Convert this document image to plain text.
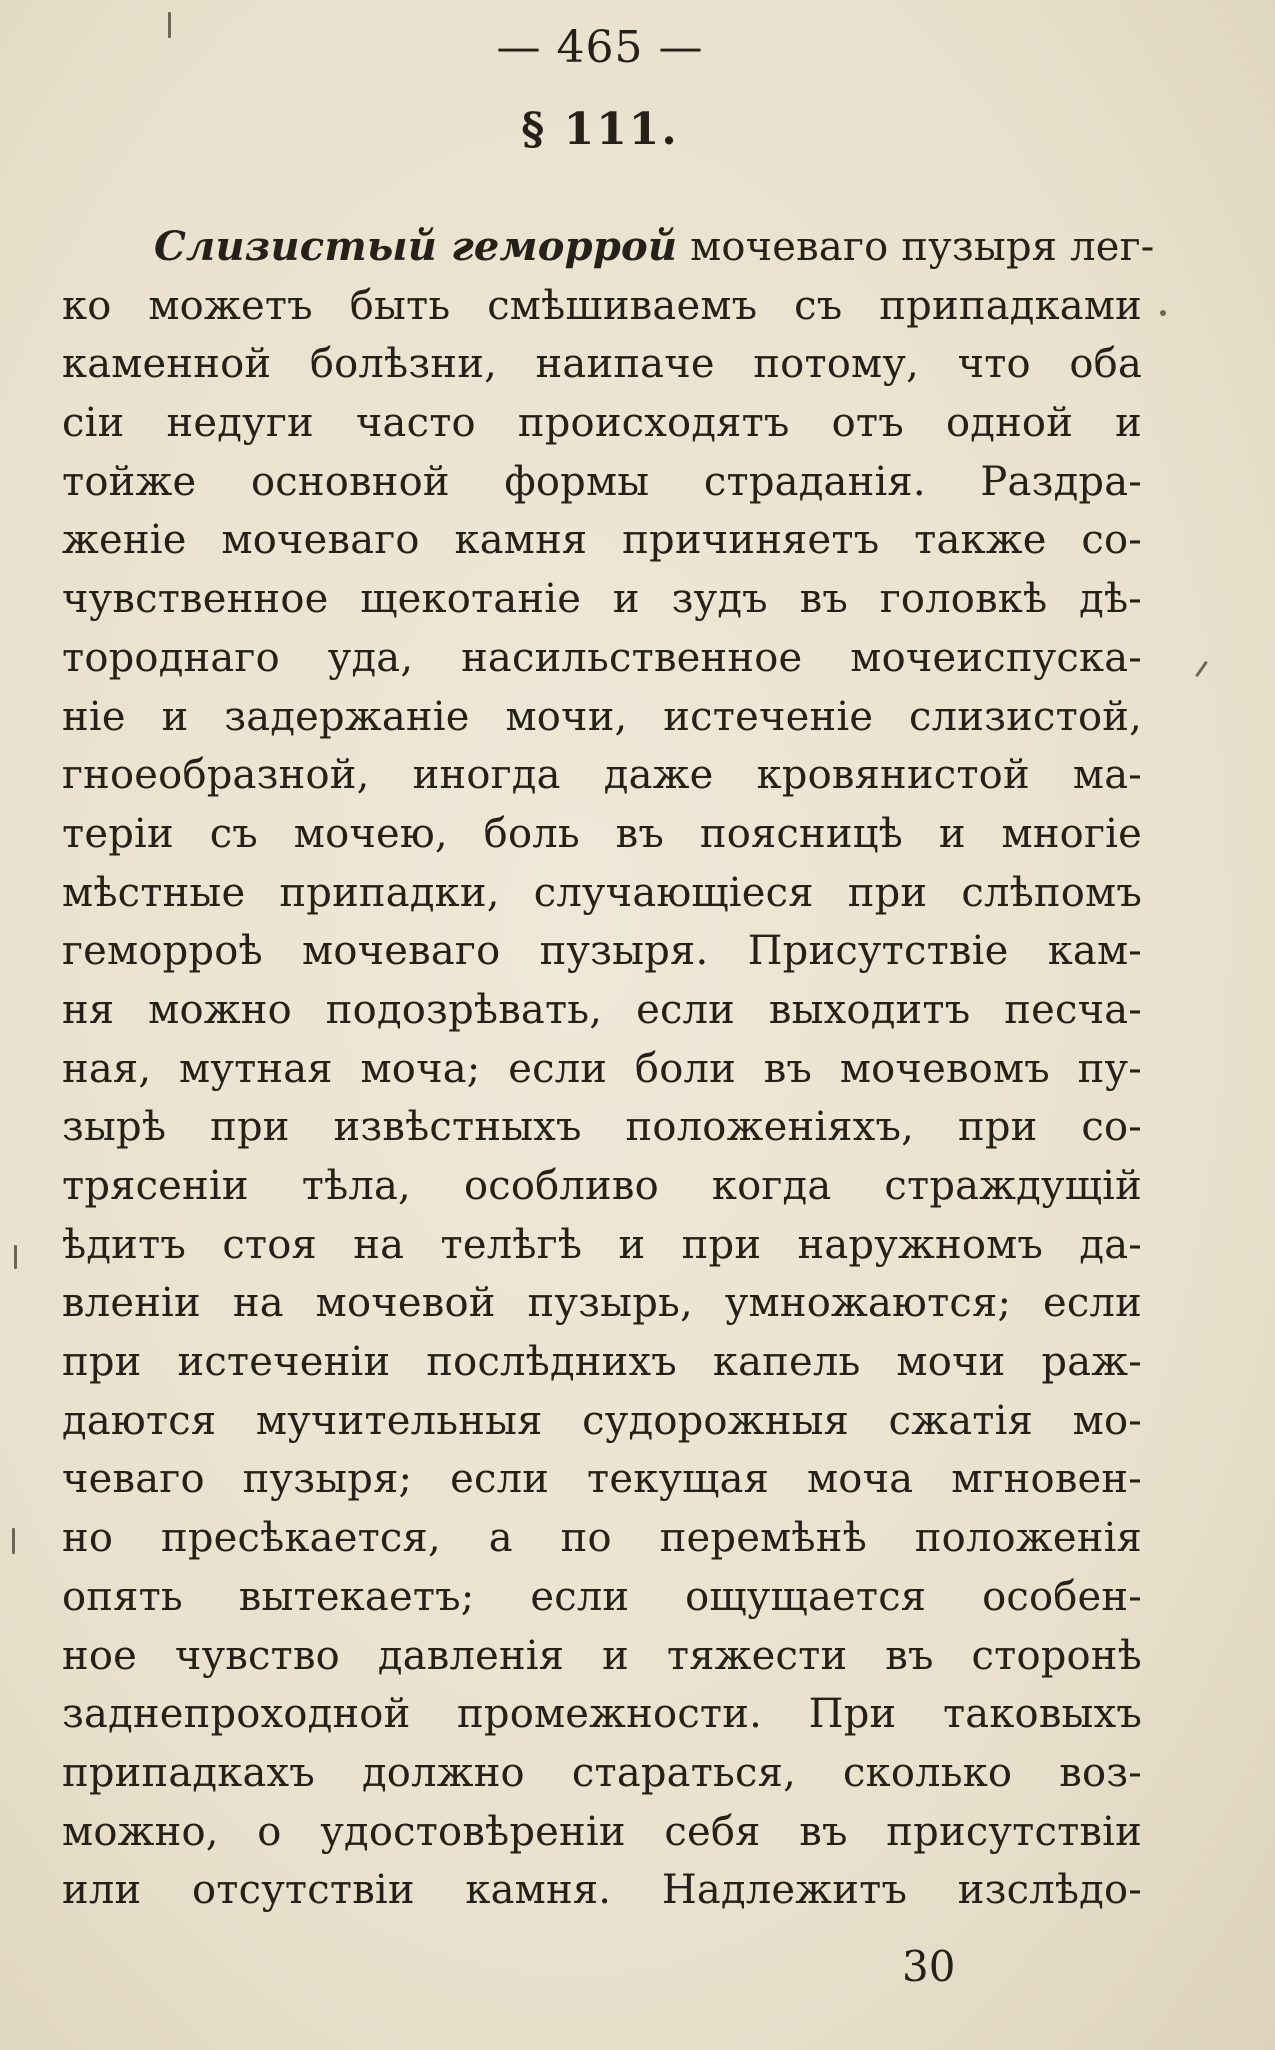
— 465 —
§ 111.
Слизистый геморрой мочеваго пузыря лег-
ко можетъ быть смѣшиваемъ съ припадками
каменной болѣзни, наипаче потому, что оба
сіи недуги часто происходятъ отъ одной и
тойже основной формы страданія. Раздра-
женіе мочеваго камня причиняетъ также со-
чувственное щекотаніе и зудъ въ головкѣ дѣ-
тороднаго уда, насильственное мочеиспуска-
ніе и задержаніе мочи, истеченіе слизистой,
гноеобразной, иногда даже кровянистой ма-
теріи съ мочею, боль въ поясницѣ и многіе
мѣстные припадки, случающіеся при слѣпомъ
геморроѣ мочеваго пузыря. Присутствіе кам-
ня можно подозрѣвать, если выходитъ песча-
ная, мутная моча; если боли въ мочевомъ пу-
зырѣ при извѣстныхъ положеніяхъ, при со-
трясеніи тѣла, особливо когда страждущій
ѣдитъ стоя на телѣгѣ и при наружномъ да-
вленіи на мочевой пузырь, умножаются; если
при истеченіи послѣднихъ капель мочи раж-
даются мучительныя судорожныя сжатія мо-
чеваго пузыря; если текущая моча мгновен-
но пресѣкается, а по перемѣнѣ положенія
опять вытекаетъ; если ощущается особен-
ное чувство давленія и тяжести въ сторонѣ
заднепроходной промежности. При таковыхъ
припадкахъ должно стараться, сколько воз-
можно, о удостовѣреніи себя въ присутствіи
или отсутствіи камня. Надлежитъ изслѣдо-
30
